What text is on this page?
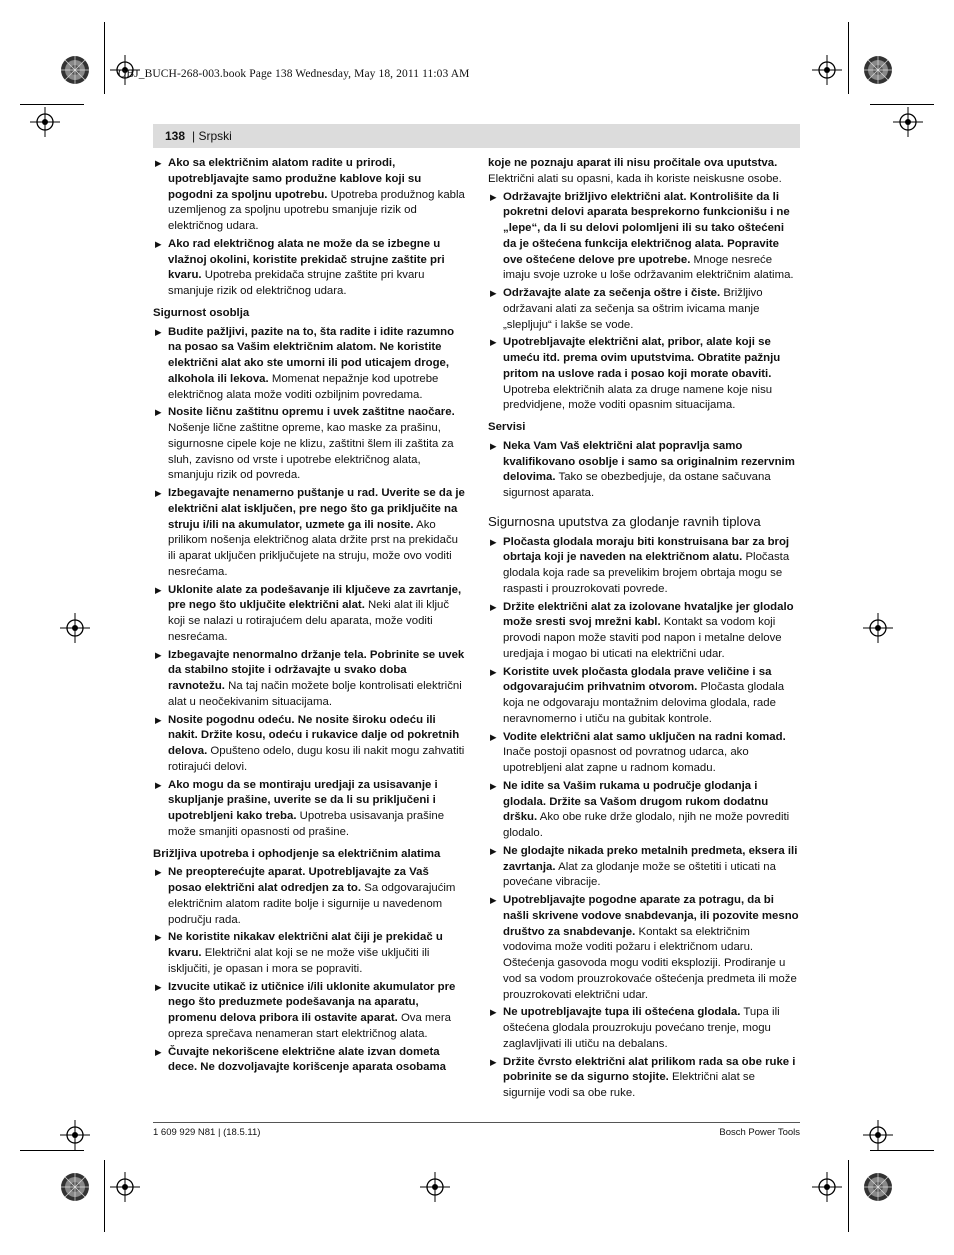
OBJ_BUCH-268-003.book Page 138 Wednesday, May 18, 2011 11:03 AM
138 | Srpski
▶ Ako sa električnim alatom radite u prirodi, upotrebljavajte samo produžne kablove koji su pogodni za spoljnu upotrebu. Upotreba produžnog kabla uzemljenog za spoljnu upotrebu smanjuje rizik od električnog udara.
▶ Ako rad električnog alata ne može da se izbegne u vlažnoj okolini, koristite prekidač strujne zaštite pri kvaru. Upotreba prekidača strujne zaštite pri kvaru smanjuje rizik od električnog udara.
Sigurnost osoblja
▶ Budite pažljivi, pazite na to, šta radite i idite razumno na posao sa Vašim električnim alatom. Ne koristite električni alat ako ste umorni ili pod uticajem droge, alkohola ili lekova. Momenat nepažnje kod upotrebe električnog alata može voditi ozbiljnim povredama.
▶ Nosite ličnu zaštitnu opremu i uvek zaštitne naočare. Nošenje lične zaštitne opreme, kao maske za prašinu, sigurnosne cipele koje ne klizu, zaštitni šlem ili zaštita za sluh, zavisno od vrste i upotrebe električnog alata, smanjuju rizik od povreda.
▶ Izbegavajte nenamerno puštanje u rad. Uverite se da je električni alat isključen, pre nego što ga priključite na struju i/ili na akumulator, uzmete ga ili nosite. Ako prilikom nošenja električnog alata držite prst na prekidaču ili aparat uključen priključujete na struju, može ovo voditi nesrećama.
▶ Uklonite alate za podešavanje ili ključeve za zavrtanje, pre nego što uključite električni alat. Neki alat ili ključ koji se nalazi u rotirajućem delu aparata, može voditi nesrećama.
▶ Izbegavajte nenormalno držanje tela. Pobrinite se uvek da stabilno stojite i održavajte u svako doba ravnotežu. Na taj način možete bolje kontrolisati električni alat u neočekivanim situacijama.
▶ Nosite pogodnu odeću. Ne nosite široku odeću ili nakit. Držite kosu, odeću i rukavice dalje od pokretnih delova. Opušteno odelo, dugu kosu ili nakit mogu zahvatiti rotirajući delovi.
▶ Ako mogu da se montiraju uredjaji za usisavanje i skupljanje prašine, uverite se da li su priključeni i upotrebljeni kako treba. Upotreba usisavanja prašine može smanjiti opasnosti od prašine.
Brižljiva upotreba i ophodjenje sa električnim alatima
▶ Ne preopterećujte aparat. Upotrebljavajte za Vaš posao električni alat odredjen za to. Sa odgovarajućim električnim alatom radite bolje i sigurnije u navedenom području rada.
▶ Ne koristite nikakav električni alat čiji je prekidač u kvaru. Električni alat koji se ne može više uključiti ili isključiti, je opasan i mora se popraviti.
▶ Izvucite utikač iz utičnice i/ili uklonite akumulator pre nego što preduzmete podešavanja na aparatu, promenu delova pribora ili ostavite aparat. Ova mera opreza sprečava nenameran start električnog alata.
▶ Čuvajte nekorišcene električne alate izvan dometa dece. Ne dozvoljavajte korišcenje aparata osobama
koje ne poznaju aparat ili nisu pročitale ova uputstva. Električni alati su opasni, kada ih koriste neiskusne osobe.
▶ Održavajte brižljivo električni alat. Kontrolišite da li pokretni delovi aparata besprekorno funkcionišu i ne „lepe“, da li su delovi polomljeni ili su tako oštećeni da je oštećena funkcija električnog alata. Popravite ove oštećene delove pre upotrebe. Mnoge nesreće imaju svoje uzroke u loše održavanim električnim alatima.
▶ Održavajte alate za sečenja oštre i čiste. Brižljivo održavani alati za sečenja sa oštrim ivicama manje „slepljuju“ i lakše se vode.
▶ Upotrebljavajte električni alat, pribor, alate koji se umeću itd. prema ovim uputstvima. Obratite pažnju pritom na uslove rada i posao koji morate obaviti. Upotreba električnih alata za druge namene koje nisu predvidjene, može voditi opasnim situacijama.
Servisi
▶ Neka Vam Vaš električni alat popravlja samo kvalifikovano osoblje i samo sa originalnim rezervnim delovima. Tako se obezbedjuje, da ostane sačuvana sigurnost aparata.
Sigurnosna uputstva za glodanje ravnih tiplova
▶ Pločasta glodala moraju biti konstruisana bar za broj obrtaja koji je naveden na električnom alatu. Pločasta glodala koja rade sa prevelikim brojem obrtaja mogu se raspasti i prouzrokovati povrede.
▶ Držite električni alat za izolovane hvataljke jer glodalo može sresti svoj mrežni kabl. Kontakt sa vodom koji provodi napon može staviti pod napon i metalne delove uredjaja i mogao bi uticati na električni udar.
▶ Koristite uvek pločasta glodala prave veličine i sa odgovarajućim prihvatnim otvorom. Pločasta glodala koja ne odgovaraju montažnim delovima glodala, rade neravnomerno i utiču na gubitak kontrole.
▶ Vodite električni alat samo uključen na radni komad. Inače postoji opasnost od povratnog udarca, ako upotrebljeni alat zapne u radnom komadu.
▶ Ne idite sa Vašim rukama u područje glodanja i glodala. Držite sa Vašom drugom rukom dodatnu dršku. Ako obe ruke drže glodalo, njih ne može povrediti glodalo.
▶ Ne glodajte nikada preko metalnih predmeta, eksera ili zavrtanja. Alat za glodanje može se oštetiti i uticati na povećane vibracije.
▶ Upotrebljavajte pogodne aparate za potragu, da bi našli skrivene vodove snabdevanja, ili pozovite mesno društvo za snabdevanje. Kontakt sa električnim vodovima može voditi požaru i električnom udaru. Oštećenja gasovoda mogu voditi eksploziji. Prodiranje u vod sa vodom prouzrokovaće oštećenja predmeta ili može prouzrokovati električni udar.
▶ Ne upotrebljavajte tupa ili oštećena glodala. Tupa ili oštećena glodala prouzrokuju povećano trenje, mogu zaglavljivati ili utiču na debalans.
▶ Držite čvrsto električni alat prilikom rada sa obe ruke i pobrinite se da sigurno stojite. Električni alat se sigurnije vodi sa obe ruke.
1 609 929 N81 | (18.5.11)	Bosch Power Tools
